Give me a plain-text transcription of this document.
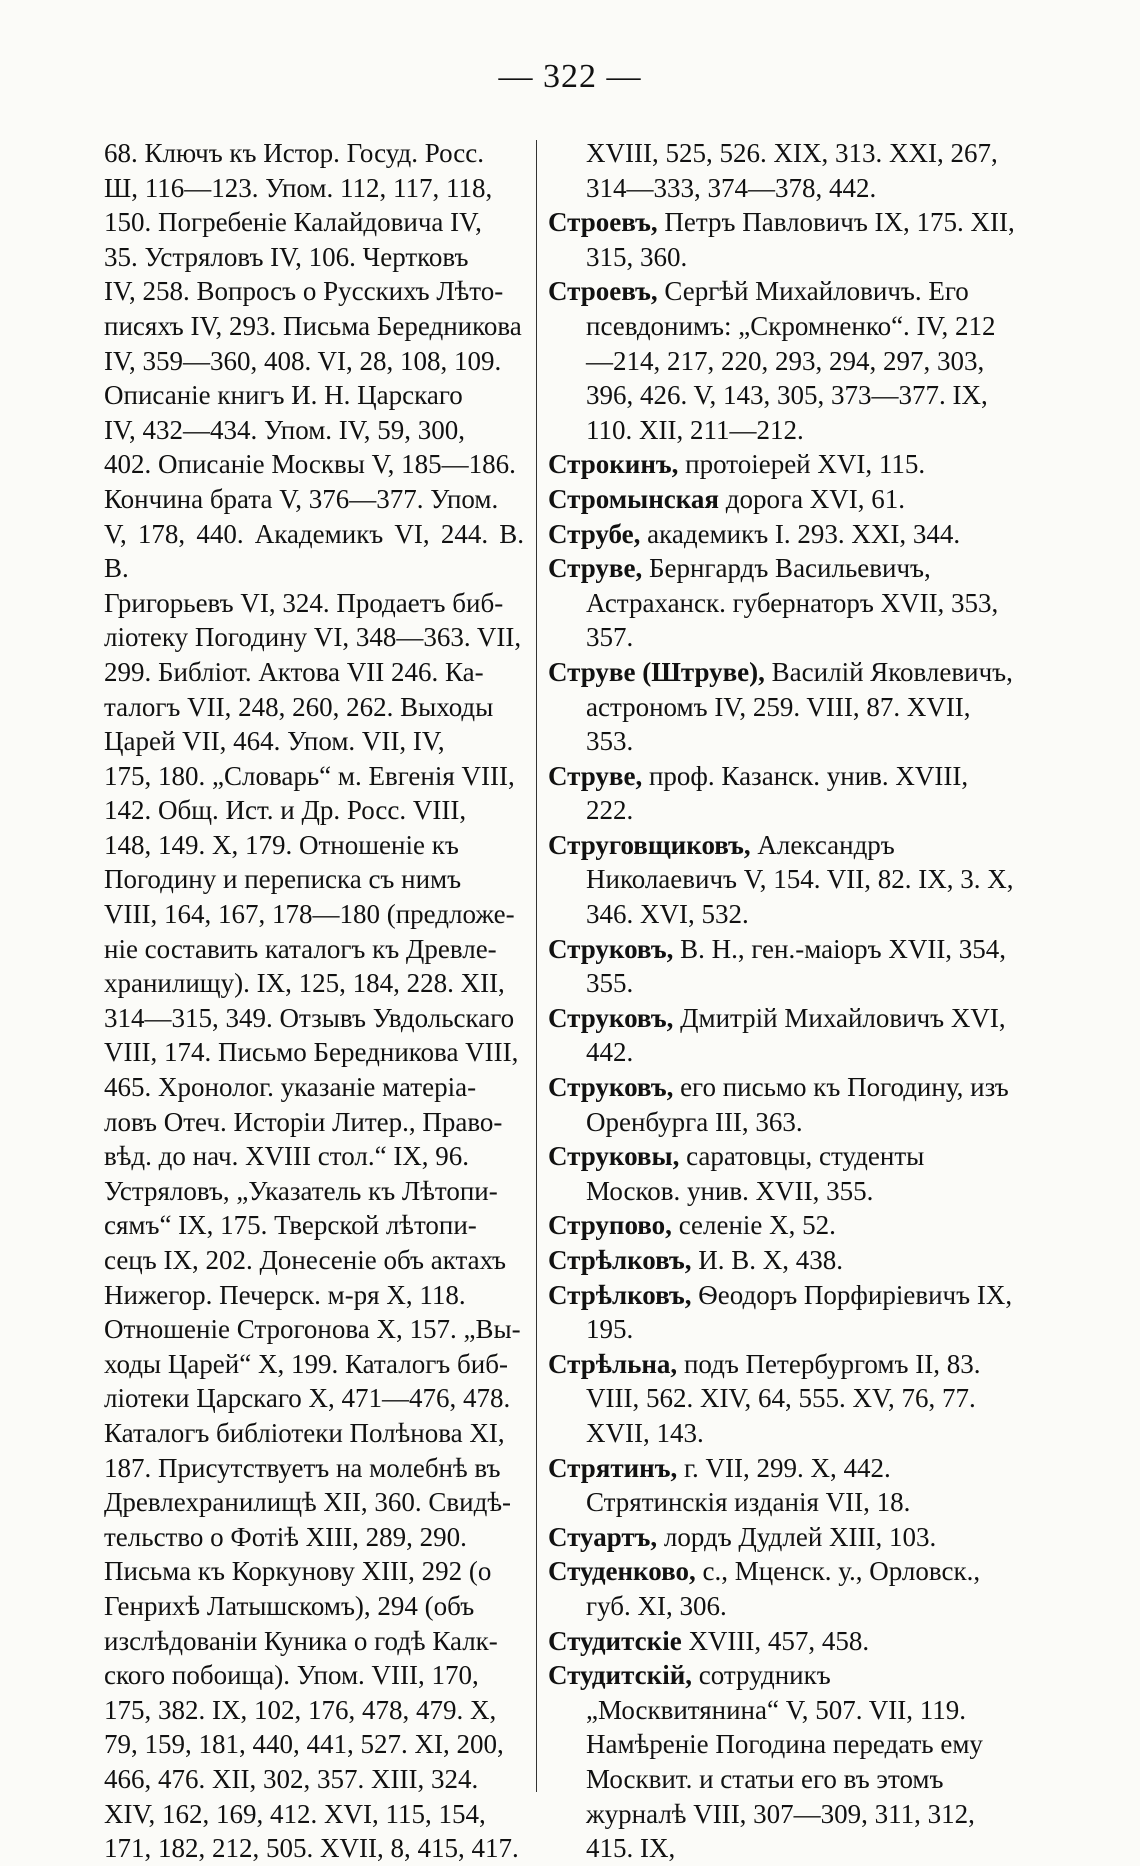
— 322 —

68. Ключъ къ Истор. Госуд. Росс.

Ш, 116—123. Упом. 112, 117, 118,

150. Погребеніе Калайдовича IV,

35. Устряловъ IV, 106. Чертковъ

IV, 258. Вопросъ о Русскихъ Лѣто-

писяхъ IV, 293. Письма Бередникова

IV, 359—360, 408. VI, 28, 108, 109.

Описаніе книгъ И. Н. Царскаго

IV, 432—434. Упом. IV, 59, 300,

402. Описаніе Москвы V, 185—186.

Кончина брата V, 376—377. Упом.

V, 178, 440. Академикъ VI, 244. В. В.

Григорьевъ VI, 324. Продаетъ биб-

ліотеку Погодину VI, 348—363. VII,

299. Библіот. Актова VII 246. Ка-

талогъ VII, 248, 260, 262. Выходы

Царей VII, 464. Упом. VII, IV,

175, 180. „Словарь“ м. Евгенія VIII,

142. Общ. Ист. и Др. Росс. VIII,

148, 149. X, 179. Отношеніе къ

Погодину и переписка съ нимъ

VIII, 164, 167, 178—180 (предложе-

ніе составить каталогъ къ Древле-

хранилищу). IX, 125, 184, 228. XII,

314—315, 349. Отзывъ Увдольскаго

VIII, 174. Письмо Бередникова VIII,

465. Хронолог. указаніе матеріа-

ловъ Отеч. Исторіи Литер., Право-

вѣд. до нач. XVIII стол.“ IX, 96.

Устряловъ, „Указатель къ Лѣтопи-

сямъ“ IX, 175. Тверской лѣтопи-

сецъ IX, 202. Донесеніе объ актахъ

Нижегор. Печерск. м-ря X, 118.

Отношеніе Строгонова X, 157. „Вы-

ходы Царей“ X, 199. Каталогъ биб-

ліотеки Царскаго X, 471—476, 478.

Каталогъ библіотеки Полѣнова XI,

187. Присутствуетъ на молебнѣ въ

Древлехранилищѣ XII, 360. Свидѣ-

тельство о Фотіѣ XIII, 289, 290.

Письма къ Коркунову XIII, 292 (о

Генрихѣ Латышскомъ), 294 (объ

изслѣдованіи Куника о годѣ Калк-

ского побоища). Упом. VIII, 170,

175, 382. IX, 102, 176, 478, 479. X,

79, 159, 181, 440, 441, 527. XI, 200,

466, 476. XII, 302, 357. XIII, 324.

XIV, 162, 169, 412. XVI, 115, 154,

171, 182, 212, 505. XVII, 8, 415, 417.

XVIII, 525, 526. XIX, 313. XXI, 267, 314—333, 374—378, 442.

Строевъ, Петръ Павловичъ IX, 175. XII, 315, 360.

Строевъ, Сергѣй Михайловичъ. Его псевдонимъ: „Скромненко“. IV, 212—214, 217, 220, 293, 294, 297, 303, 396, 426. V, 143, 305, 373—377. IX, 110. XII, 211—212.

Строкинъ, протоіерей XVI, 115.

Стромынская дорога XVI, 61.

Струбе, академикъ I. 293. XXI, 344.

Струве, Бернгардъ Васильевичъ, Астраханск. губернаторъ XVII, 353, 357.

Струве (Штруве), Василій Яковлевичъ, астрономъ IV, 259. VIII, 87. XVII, 353.

Струве, проф. Казанск. унив. XVIII, 222.

Струговщиковъ, Александръ Николаевичъ V, 154. VII, 82. IX, 3. X, 346. XVI, 532.

Струковъ, В. Н., ген.-маіоръ XVII, 354, 355.

Струковъ, Дмитрій Михайловичъ XVI, 442.

Струковъ, его письмо къ Погодину, изъ Оренбурга III, 363.

Струковы, саратовцы, студенты Москов. унив. XVII, 355.

Струпово, селеніе X, 52.

Стрѣлковъ, И. В. X, 438.

Стрѣлковъ, Ѳеодоръ Порфиріевичъ IX, 195.

Стрѣльна, подъ Петербургомъ II, 83. VIII, 562. XIV, 64, 555. XV, 76, 77. XVII, 143.

Стрятинъ, г. VII, 299. X, 442. Стрятинскія изданія VII, 18.

Стуартъ, лордъ Дудлей XIII, 103.

Студенково, с., Мценск. у., Орловск., губ. XI, 306.

Студитскіе XVIII, 457, 458.

Студитскій, сотрудникъ „Москвитянина“ V, 507. VII, 119. Намѣреніе Погодина передать ему Москвит. и статьи его въ этомъ журналѣ VIII, 307—309, 311, 312, 415. IX,
